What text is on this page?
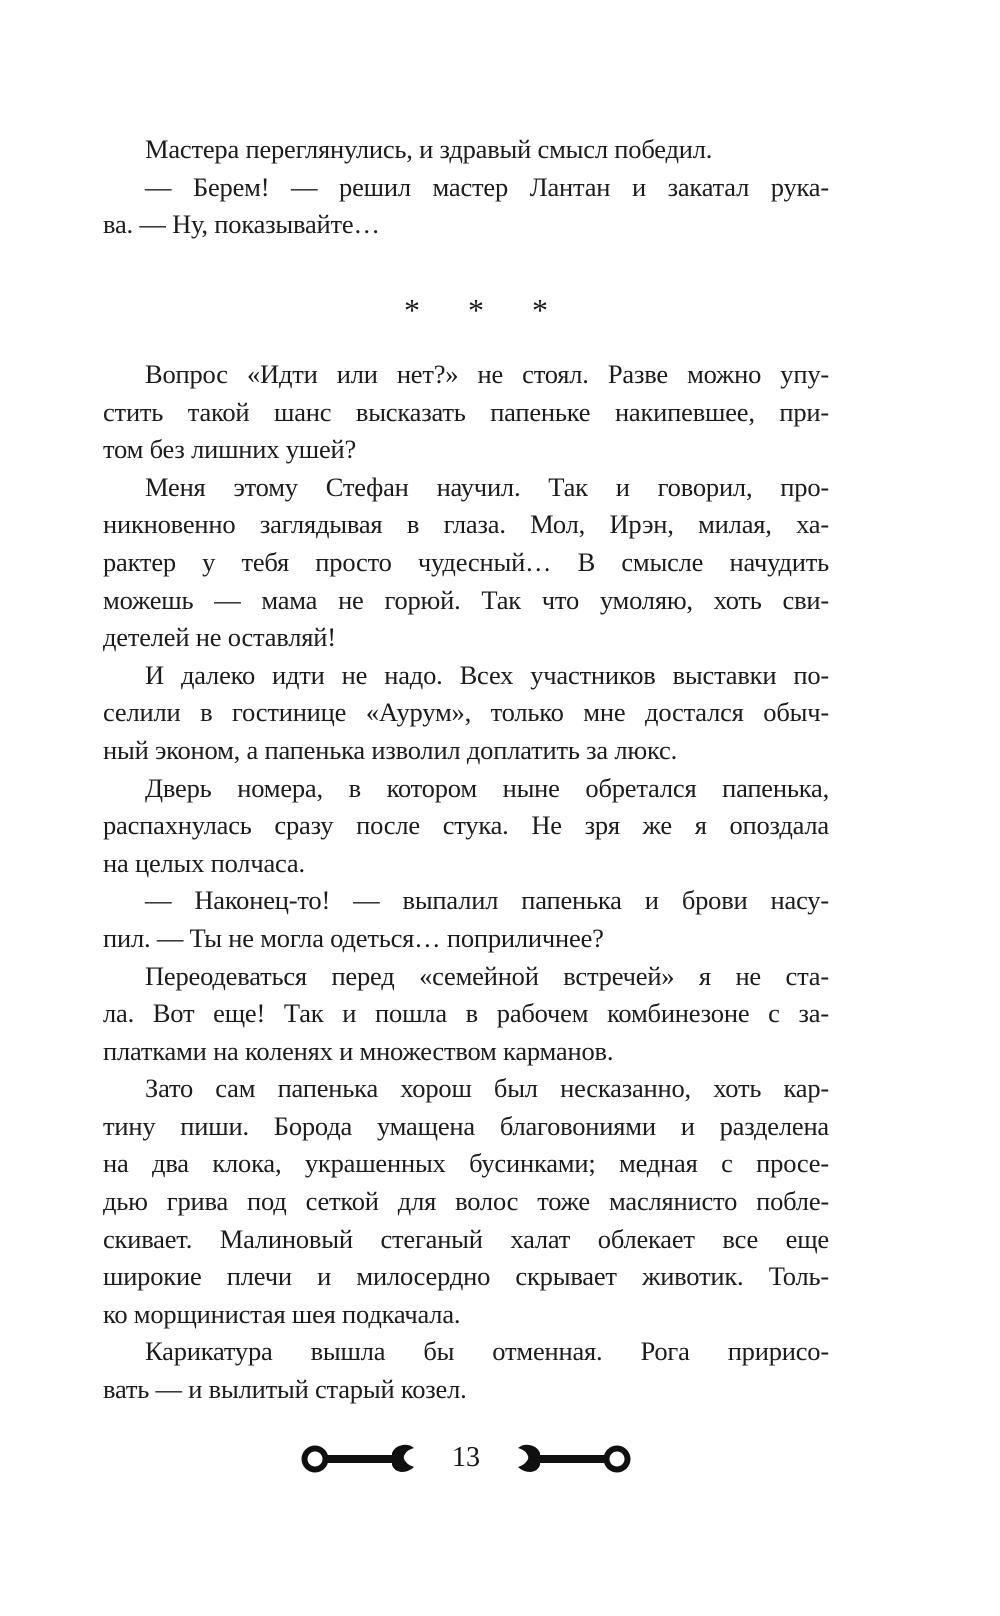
Мастера переглянулись, и здравый смысл победил.

— Берем! — решил мастер Лантан и закатал рука-
ва. — Ну, показывайте…

* * *

Вопрос «Идти или нет?» не стоял. Разве можно упу-
стить такой шанс высказать папеньке накипевшее, при-
том без лишних ушей?

Меня этому Стефан научил. Так и говорил, про-
никновенно заглядывая в глаза. Мол, Ирэн, милая, ха-
рактер у тебя просто чудесный… В смысле начудить
можешь — мама не горюй. Так что умоляю, хоть сви-
детелей не оставляй!

И далеко идти не надо. Всех участников выставки по-
селили в гостинице «Аурум», только мне достался обыч-
ный эконом, а папенька изволил доплатить за люкс.

Дверь номера, в котором ныне обретался папенька,
распахнулась сразу после стука. Не зря же я опоздала
на целых полчаса.

— Наконец-то! — выпалил папенька и брови насу-
пил. — Ты не могла одеться… поприличнее?

Переодеваться перед «семейной встречей» я не ста-
ла. Вот еще! Так и пошла в рабочем комбинезоне с за-
платками на коленях и множеством карманов.

Зато сам папенька хорош был несказанно, хоть кар-
тину пиши. Борода умащена благовониями и разделена
на два клока, украшенных бусинками; медная с просе-
дью грива под сеткой для волос тоже маслянисто побле-
скивает. Малиновый стеганый халат облекает все еще
широкие плечи и милосердно скрывает животик. Толь-
ко морщинистая шея подкачала.

Карикатура вышла бы отменная. Рога пририсо-
вать — и вылитый старый козел.

13
